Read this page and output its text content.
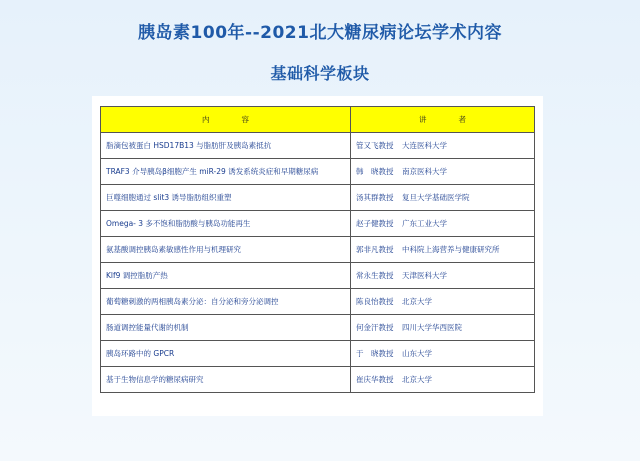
胰岛素100年--2021北大糖尿病论坛学术内容
基础科学板块
内 容	讲 者
脂滴包被蛋白 HSD17B13 与脂肪肝及胰岛素抵抗	管又飞教授 大连医科大学
TRAF3 介导胰岛β细胞产生 miR-29 诱发系统炎症和早期糖尿病	韩　晓教授 南京医科大学
巨噬细胞通过 slit3 诱导脂肪组织重塑	汤其群教授 复旦大学基础医学院
Omega- 3 多不饱和脂肪酸与胰岛功能再生	赵子健教授 广东工业大学
氨基酸调控胰岛素敏感性作用与机理研究	郭非凡教授 中科院上海营养与健康研究所
Klf9 调控脂肪产热	常永生教授 天津医科大学
葡萄糖刺激的两相胰岛素分泌：自分泌和旁分泌调控	陈良怡教授 北京大学
肠道调控能量代谢的机制	何金汗教授 四川大学华西医院
胰岛环路中的 GPCR	于　晓教授 山东大学
基于生物信息学的糖尿病研究	崔庆华教授 北京大学
